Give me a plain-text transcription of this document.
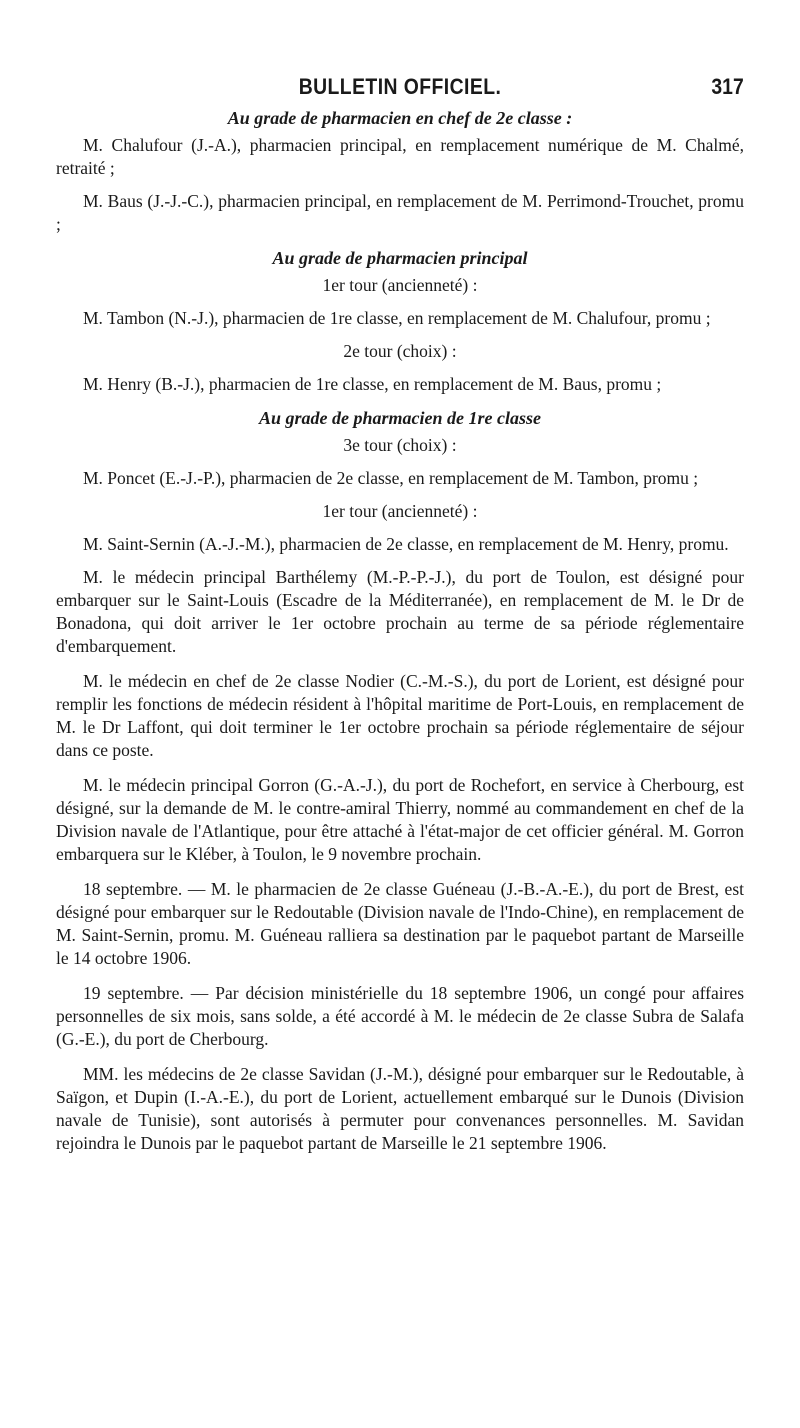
BULLETIN OFFICIEL.	317
Au grade de pharmacien en chef de 2e classe :
M. Chalufour (J.-A.), pharmacien principal, en remplacement numérique de M. Chalmé, retraité ;
M. Baus (J.-J.-C.), pharmacien principal, en remplacement de M. Perrimond-Trouchet, promu ;
Au grade de pharmacien principal
1er tour (ancienneté) :
M. Tambon (N.-J.), pharmacien de 1re classe, en remplacement de M. Chalufour, promu ;
2e tour (choix) :
M. Henry (B.-J.), pharmacien de 1re classe, en remplacement de M. Baus, promu ;
Au grade de pharmacien de 1re classe
3e tour (choix) :
M. Poncet (E.-J.-P.), pharmacien de 2e classe, en remplacement de M. Tambon, promu ;
1er tour (ancienneté) :
M. Saint-Sernin (A.-J.-M.), pharmacien de 2e classe, en remplacement de M. Henry, promu.

M. le médecin principal Barthélemy (M.-P.-P.-J.), du port de Toulon, est désigné pour embarquer sur le Saint-Louis (Escadre de la Méditerranée), en remplacement de M. le Dr de Bonadona, qui doit arriver le 1er octobre prochain au terme de sa période réglementaire d'embarquement.

M. le médecin en chef de 2e classe Nodier (C.-M.-S.), du port de Lorient, est désigné pour remplir les fonctions de médecin résident à l'hôpital maritime de Port-Louis, en remplacement de M. le Dr Laffont, qui doit terminer le 1er octobre prochain sa période réglementaire de séjour dans ce poste.

M. le médecin principal Gorron (G.-A.-J.), du port de Rochefort, en service à Cherbourg, est désigné, sur la demande de M. le contre-amiral Thierry, nommé au commandement en chef de la Division navale de l'Atlantique, pour être attaché à l'état-major de cet officier général. M. Gorron embarquera sur le Kléber, à Toulon, le 9 novembre prochain.

18 septembre. — M. le pharmacien de 2e classe Guéneau (J.-B.-A.-E.), du port de Brest, est désigné pour embarquer sur le Redoutable (Division navale de l'Indo-Chine), en remplacement de M. Saint-Sernin, promu. M. Guéneau ralliera sa destination par le paquebot partant de Marseille le 14 octobre 1906.

19 septembre. — Par décision ministérielle du 18 septembre 1906, un congé pour affaires personnelles de six mois, sans solde, a été accordé à M. le médecin de 2e classe Subra de Salafa (G.-E.), du port de Cherbourg.

MM. les médecins de 2e classe Savidan (J.-M.), désigné pour embarquer sur le Redoutable, à Saïgon, et Dupin (I.-A.-E.), du port de Lorient, actuellement embarqué sur le Dunois (Division navale de Tunisie), sont autorisés à permuter pour convenances personnelles. M. Savidan rejoindra le Dunois par le paquebot partant de Marseille le 21 septembre 1906.
